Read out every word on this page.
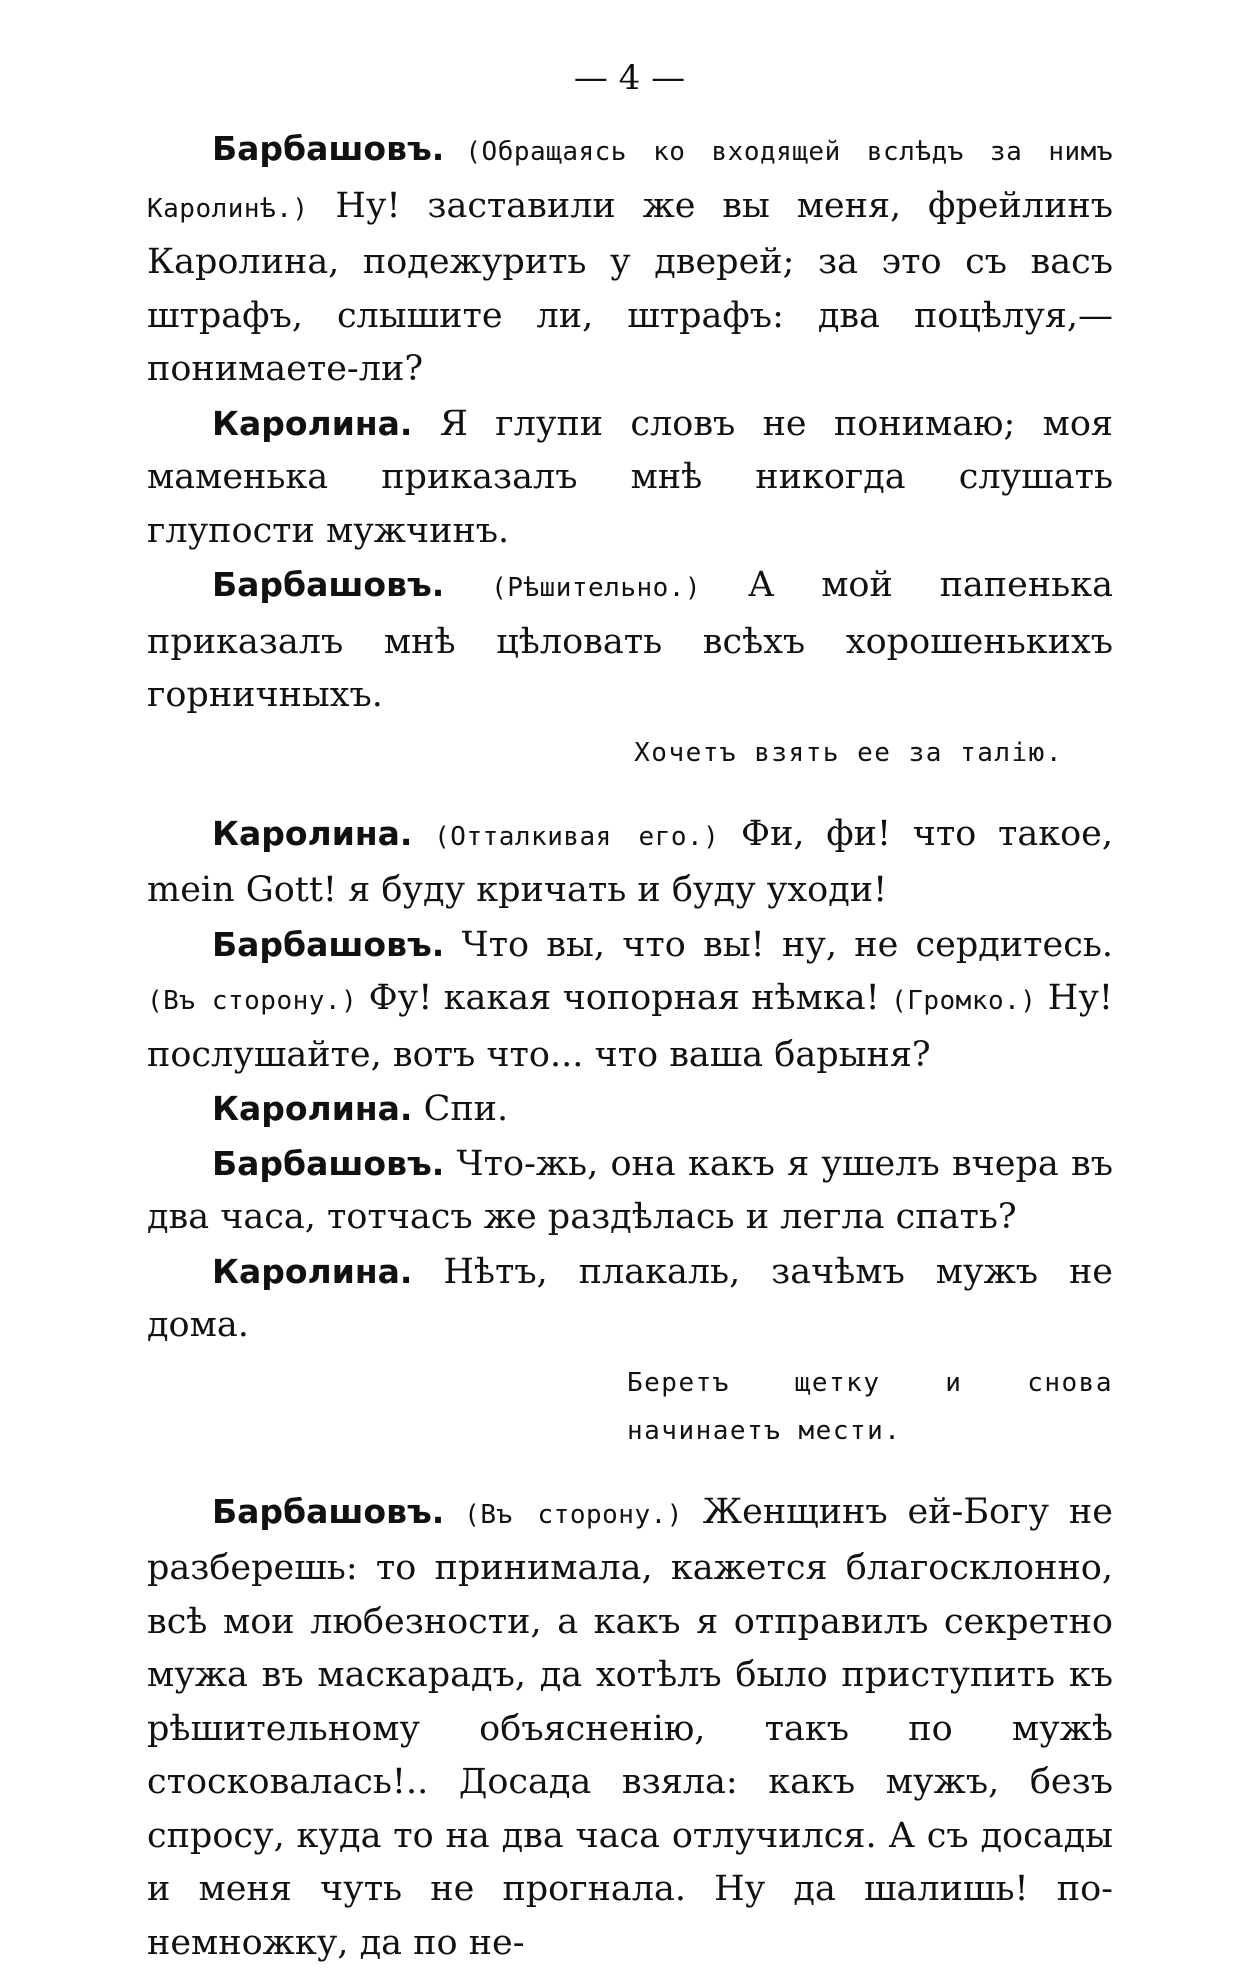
— 4 —

Барбашовъ. (Обращаясь ко входящей вслѣдъ за нимъ Каролинѣ.) Ну! заставили же вы меня, фрейлинъ Каролина, подежурить у дверей; за это съ васъ штрафъ, слышите ли, штрафъ: два поцѣлуя,—понимаете-ли?

Каролина. Я глупи словъ не понимаю; моя маменька приказалъ мнѣ никогда слушать глупости мужчинъ.

Барбашовъ. (Рѣшительно.) А мой папенька приказалъ мнѣ цѣловать всѣхъ хорошенькихъ горничныхъ.

Хочетъ взять ее за талію.

Каролина. (Отталкивая его.) Фи, фи! что такое, mein Gott! я буду кричать и буду уходи!

Барбашовъ. Что вы, что вы! ну, не сердитесь. (Въ сторону.) Фу! какая чопорная нѣмка! (Громко.) Ну! послушайте, вотъ что... что ваша барыня?

Каролина. Спи.

Барбашовъ. Что-жь, она какъ я ушелъ вчера въ два часа, тотчасъ же раздѣлась и легла спать?

Каролина. Нѣтъ, плакаль, зачѣмъ мужъ не дома.

Беретъ щетку и снова начинаетъ мести.

Барбашовъ. (Въ сторону.) Женщинъ ей-Богу не разберешь: то принимала, кажется благосклонно, всѣ мои любезности, а какъ я отправилъ секретно мужа въ маскарадъ, да хотѣлъ было приступить къ рѣшительному объясненію, такъ по мужѣ стосковалась!.. Досада взяла: какъ мужъ, безъ спросу, куда то на два часа отлучился. А съ досады и меня чуть не прогнала. Ну да шалишь! по-немножку, да по не-
